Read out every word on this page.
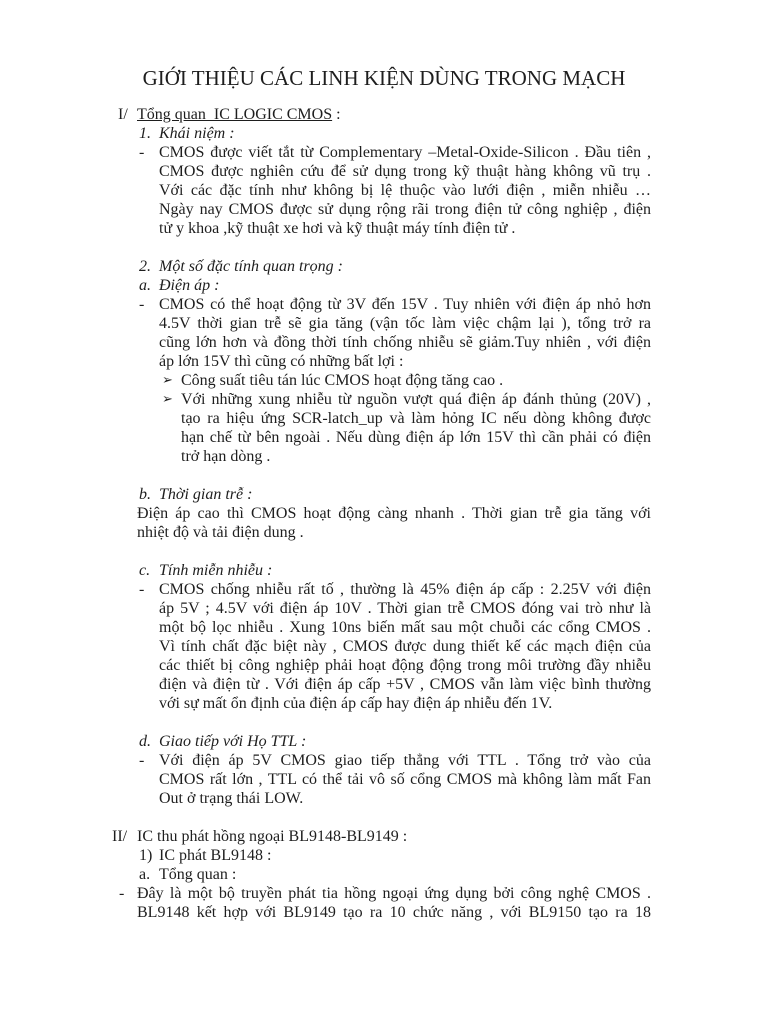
GIỚI THIỆU CÁC LINH KIỆN DÙNG TRONG MẠCH
I/ Tổng quan  IC LOGIC CMOS :
1. Khái niệm :
- CMOS được viết tắt từ Complementary –Metal-Oxide-Silicon . Đầu tiên ,
CMOS được nghiên cứu để sử dụng trong kỹ thuật hàng không vũ trụ .
Với các đặc tính như không bị lệ thuộc vào lưới điện , miễn nhiễu …
Ngày nay CMOS được sử dụng rộng rãi trong điện tử công nghiệp , điện
tử y khoa ,kỹ thuật xe hơi và kỹ thuật máy tính điện tử .
2. Một số đặc tính quan trọng :
a. Điện áp :
- CMOS có thể hoạt động từ 3V đến 15V . Tuy nhiên với điện áp nhỏ hơn
4.5V thời gian trễ sẽ gia tăng (vận tốc làm việc chậm lại ), tổng trở ra
cũng lớn hơn và đồng thời tính chống nhiễu sẽ giảm.Tuy nhiên , với điện
áp lớn 15V thì cũng có những bất lợi :
➢ Công suất tiêu tán lúc CMOS hoạt động tăng cao .
➢ Với những xung nhiễu từ nguồn vượt quá điện áp đánh thủng (20V) ,
tạo ra hiệu ứng SCR-latch_up và làm hỏng IC nếu dòng không được
hạn chế từ bên ngoài . Nếu dùng điện áp lớn 15V thì cần phải có điện
trở hạn dòng .
b. Thời gian trễ :
Điện áp cao thì CMOS hoạt động càng nhanh . Thời gian trễ gia tăng với
nhiệt độ và tải điện dung .
c. Tính miễn nhiễu :
- CMOS chống nhiễu rất tố , thường là 45% điện áp cấp : 2.25V với điện
áp 5V ; 4.5V với điện áp 10V . Thời gian trễ CMOS đóng vai trò như là
một bộ lọc nhiễu . Xung 10ns biến mất sau một chuỗi các cổng CMOS .
Vì tính chất đặc biệt này , CMOS được dung thiết kế các mạch điện của
các thiết bị công nghiệp phải hoạt động động trong môi trường đầy nhiễu
điện và điện từ . Với điện áp cấp +5V , CMOS vẫn làm việc bình thường
với sự mất ổn định của điện áp cấp hay điện áp nhiễu đến 1V.
d. Giao tiếp với Họ TTL :
- Với điện áp 5V CMOS giao tiếp thẳng với TTL . Tổng trở vào của
CMOS rất lớn , TTL có thể tải vô số cổng CMOS mà không làm mất Fan
Out ở trạng thái LOW.
II/ IC thu phát hồng ngoại BL9148-BL9149 :
1) IC phát BL9148 :
a. Tổng quan :
- Đây là một bộ truyền phát tia hồng ngoại ứng dụng bởi công nghệ CMOS .
BL9148 kết hợp với BL9149 tạo ra 10 chức năng , với BL9150 tạo ra 18
